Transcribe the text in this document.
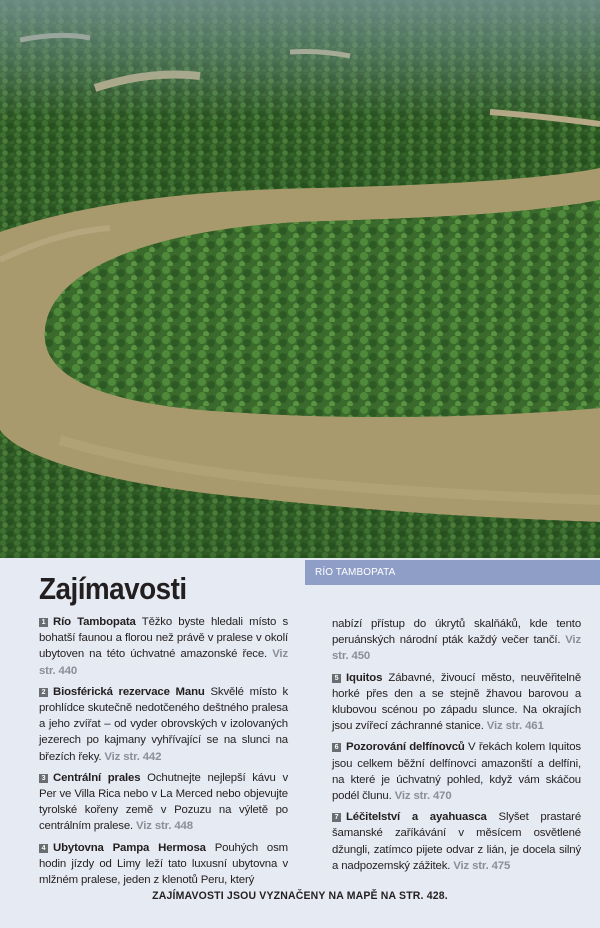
RÍO TAMBOPATA
Zajímavosti

1 Río Tambopata Těžko byste hledali místo s bohatší faunou a florou než právě v pralese v okolí ubytoven na této úchvatné amazonské řece. Viz str. 440

2 Biosférická rezervace Manu Skvělé místo k prohlídce skutečně nedotčeného deštného pralesa a jeho zvířat – od vyder obrovských v izolovaných jezerech po kajmany vyhřívající se na slunci na březích řeky. Viz str. 442

3 Centrální prales Ochutnejte nejlepší kávu v Per ve Villa Rica nebo v La Merced nebo objevujte tyrolské kořeny země v Pozuzu na výletě po centrálním pralese. Viz str. 448

4 Ubytovna Pampa Hermosa Pouhých osm hodin jízdy od Limy leží tato luxusní ubytovna v mlžném pralese, jeden z klenotů Peru, který

nabízí přístup do úkrytů skalňáků, kde tento peruánských národní pták každý večer tančí. Viz str. 450

5 Iquitos Zábavné, živoucí město, neuvěřitelně horké přes den a se stejně žhavou barovou a klubovou scénou po západu slunce. Na okrajích jsou zvířecí záchranné stanice. Viz str. 461

6 Pozorování delfínovců V řekách kolem Iquitos jsou celkem běžní delfínovci amazonští a delfíni, na které je úchvatný pohled, když vám skáčou podél člunu. Viz str. 470

7 Léčitelství a ayahuasca Slyšet prastaré šamanské zaříkávání v měsícem osvětlené džungli, zatímco pijete odvar z lián, je docela silný a nadpozemský zážitek. Viz str. 475

ZAJÍMAVOSTI JSOU VYZNAČENY NA MAPĚ NA STR. 428.
